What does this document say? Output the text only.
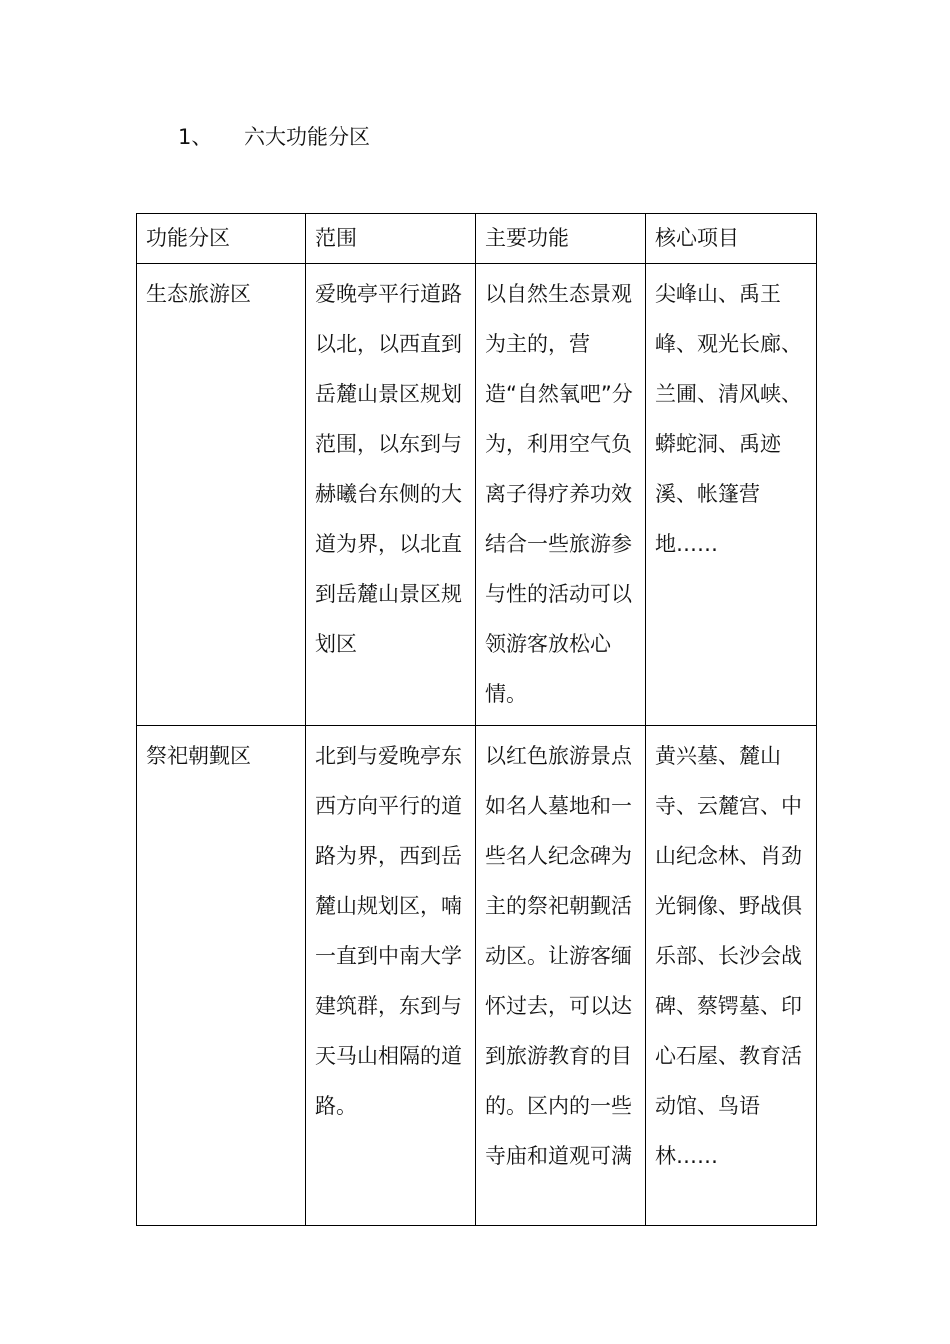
1、 六大功能分区
功能分区	范围	主要功能	核心项目
生态旅游区	爱晚亭平行道路以北，以西直到岳麓山景区规划范围，以东到与赫曦台东侧的大道为界，以北直到岳麓山景区规划区	以自然生态景观为主的，营造“自然氧吧”分为，利用空气负离子得疗养功效结合一些旅游参与性的活动可以领游客放松心情。	尖峰山、禹王峰、观光长廊、兰圃、清风峡、蟒蛇洞、禹迹溪、帐篷营地……
祭祀朝觐区	北到与爱晚亭东西方向平行的道路为界，西到岳麓山规划区，喃一直到中南大学建筑群，东到与天马山相隔的道路。	以红色旅游景点如名人墓地和一些名人纪念碑为主的祭祀朝觐活动区。让游客缅怀过去，可以达到旅游教育的目的。区内的一些寺庙和道观可满	黄兴墓、麓山寺、云麓宫、中山纪念林、肖劲光铜像、野战俱乐部、长沙会战碑、蔡锷墓、印心石屋、教育活动馆、鸟语林……
